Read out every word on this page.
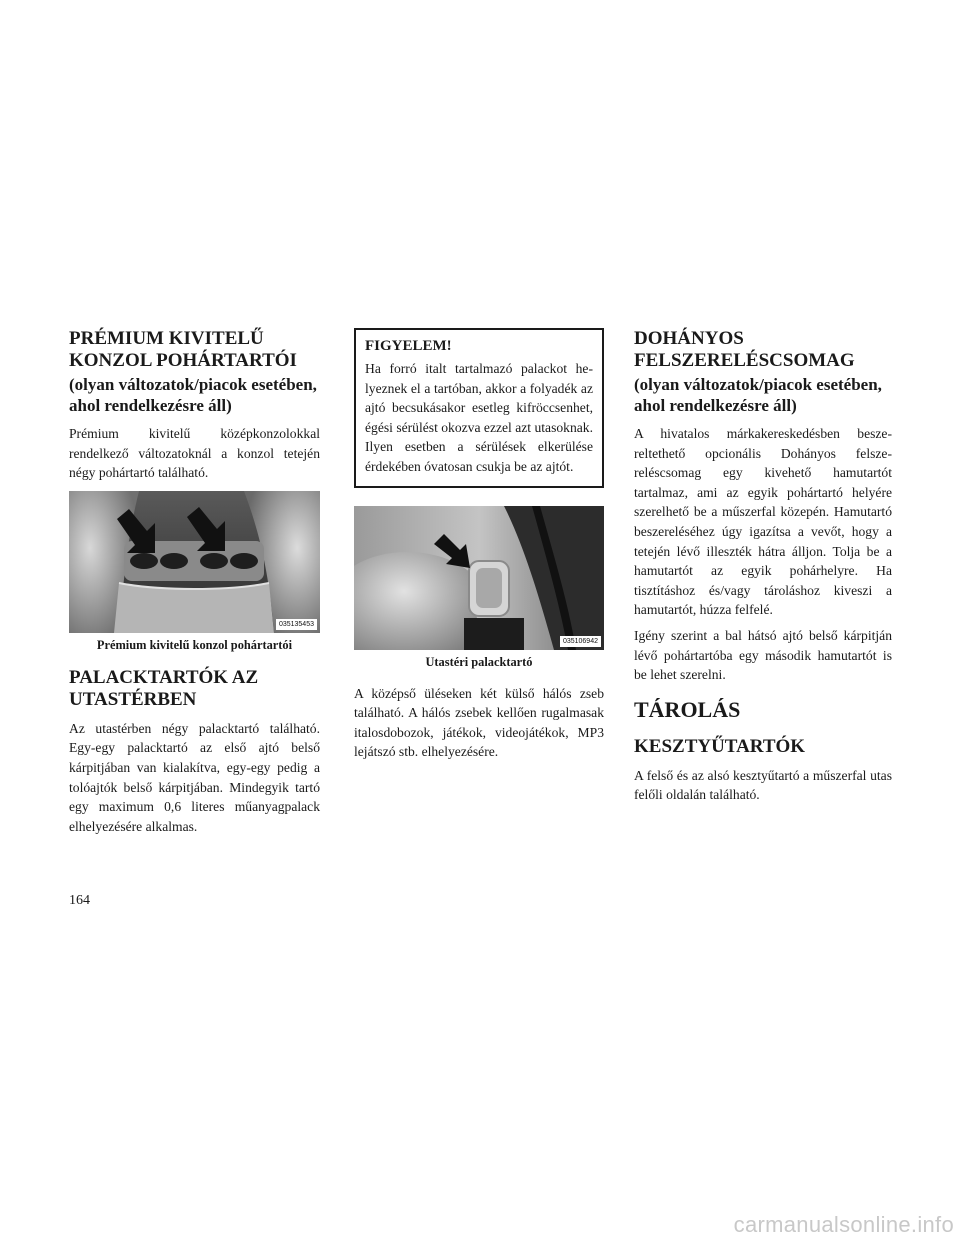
PRÉMIUM KIVITELŰ
KONZOL POHÁRTARTÓI
(olyan változatok/piacok esetében, ahol rendelkezésre áll)

Prémium kivitelű középkonzolokkal rendelkező változatoknál a konzol tetején négy pohártartó található.

035135453
Prémium kivitelű konzol pohártartói
PALACKTARTÓK AZ
UTASTÉRBEN

Az utastérben négy palacktartó található. Egy-egy palacktartó az első ajtó belső kárpitjában van kialakítva, egy-egy pedig a tolóajtók belső kárpitjában. Mindegyik tartó egy maximum 0,6 literes műanyagpalack elhelyezésére alkalmas.

FIGYELEM!

Ha forró italt tartalmazó palackot helyeznek el a tartóban, akkor a folyadék az ajtó becsukásakor esetleg kifröccsenhet, égési sérülést okozva ezzel azt utasoknak. Ilyen esetben a sérülések elkerülése érdekében óvatosan csukja be az ajtót.

035106942
Utastéri palacktartó

A középső üléseken két külső hálós zseb található. A hálós zsebek kellően rugalmasak italosdobozok, játékok, videojátékok, MP3 lejátszó stb. elhelyezésére.

DOHÁNYOS
FELSZERELÉSCSOMAG
(olyan változatok/piacok esetében, ahol rendelkezésre áll)

A hivatalos márkakereskedésben beszereltethető opcionális Dohányos felszereléscsomag egy kivehető hamutartót tartalmaz, ami az egyik pohártartó helyére szerelhető be a műszerfal közepén. Hamutartó beszereléséhez úgy igazítsa a vevőt, hogy a tetején lévő illeszték hátra álljon. Tolja be a hamutartót az egyik pohárhelyre. Ha tisztításhoz és/vagy tároláshoz kiveszi a hamutartót, húzza felfelé.

Igény szerint a bal hátsó ajtó belső kárpitján lévő pohártartóba egy második hamutartót is be lehet szerelni.

TÁROLÁS
KESZTYŰTARTÓK

A felső és az alsó kesztyűtartó a műszerfal utas felőli oldalán található.

164
carmanualsonline.info
